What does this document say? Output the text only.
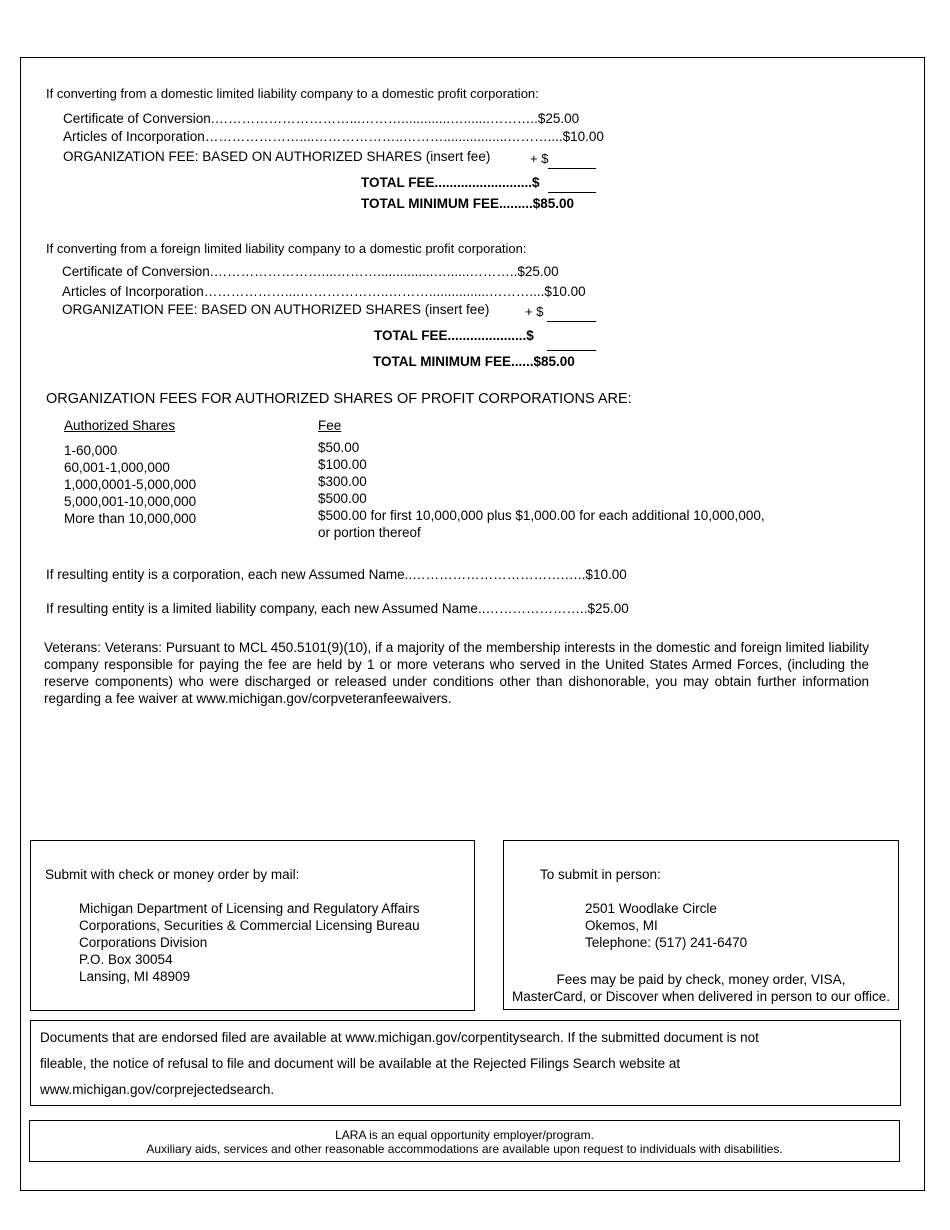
If converting from a domestic limited liability company to a domestic profit corporation:
Certificate of Conversion.…………………………...……….............….......………..$25.00
Articles of Incorporation…………………....………………..……….................………....$10.00
ORGANIZATION FEE: BASED ON AUTHORIZED SHARES (insert fee)	+ $
TOTAL FEE..........................$
TOTAL MINIMUM FEE.........$85.00
If converting from a foreign limited liability company to a domestic profit corporation:
Certificate of Conversion.……………………....………...............…......………..$25.00
Articles of Incorporation………………....………………..………................………....$10.00
ORGANIZATION FEE: BASED ON AUTHORIZED SHARES (insert fee)	+ $
TOTAL FEE.....................$
TOTAL MINIMUM FEE......$85.00
ORGANIZATION FEES FOR AUTHORIZED SHARES OF PROFIT CORPORATIONS ARE:
Authorized Shares	Fee
1-60,000	$50.00
60,001-1,000,000	$100.00
1,000,0001-5,000,000	$300.00
5,000,001-10,000,000	$500.00
More than 10,000,000	$500.00 for first 10,000,000 plus $1,000.00 for each additional 10,000,000,
or portion thereof
If resulting entity is a corporation, each new Assumed Name..…………………………….…..$10.00
If resulting entity is a limited liability company, each new Assumed Name..…………………..$25.00
Veterans: Veterans: Pursuant to MCL 450.5101(9)(10), if a majority of the membership interests in the domestic and foreign limited liability company responsible for paying the fee are held by 1 or more veterans who served in the United States Armed Forces, (including the reserve components) who were discharged or released under conditions other than dishonorable, you may obtain further information regarding a fee waiver at www.michigan.gov/corpveteranfeewaivers.
Submit with check or money order by mail:
Michigan Department of Licensing and Regulatory Affairs
Corporations, Securities & Commercial Licensing Bureau
Corporations Division
P.O. Box 30054
Lansing, MI 48909
To submit in person:
2501 Woodlake Circle
Okemos, MI
Telephone: (517) 241-6470
Fees may be paid by check, money order, VISA,
MasterCard, or Discover when delivered in person to our office.
Documents that are endorsed filed are available at www.michigan.gov/corpentitysearch. If the submitted document is not
fileable, the notice of refusal to file and document will be available at the Rejected Filings Search website at
www.michigan.gov/corprejectedsearch.
LARA is an equal opportunity employer/program.
Auxiliary aids, services and other reasonable accommodations are available upon request to individuals with disabilities.
